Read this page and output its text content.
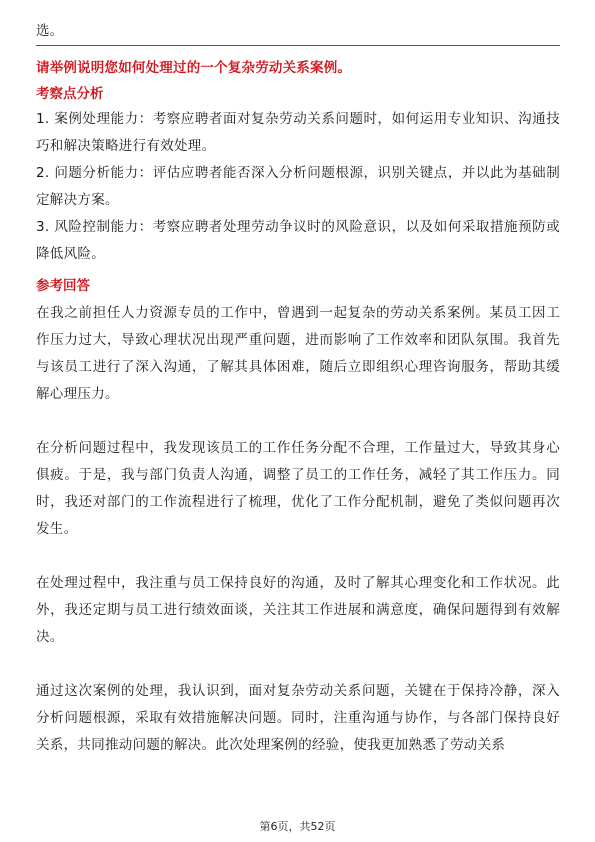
选。
请举例说明您如何处理过的一个复杂劳动关系案例。
考察点分析

1. 案例处理能力：考察应聘者面对复杂劳动关系问题时，如何运用专业知识、沟通技巧和解决策略进行有效处理。

2. 问题分析能力：评估应聘者能否深入分析问题根源，识别关键点，并以此为基础制定解决方案。

3. 风险控制能力：考察应聘者处理劳动争议时的风险意识，以及如何采取措施预防或降低风险。

参考回答

在我之前担任人力资源专员的工作中，曾遇到一起复杂的劳动关系案例。某员工因工作压力过大，导致心理状况出现严重问题，进而影响了工作效率和团队氛围。我首先与该员工进行了深入沟通，了解其具体困难，随后立即组织心理咨询服务，帮助其缓解心理压力。

在分析问题过程中，我发现该员工的工作任务分配不合理，工作量过大，导致其身心俱疲。于是，我与部门负责人沟通，调整了员工的工作任务，减轻了其工作压力。同时，我还对部门的工作流程进行了梳理，优化了工作分配机制，避免了类似问题再次发生。

在处理过程中，我注重与员工保持良好的沟通，及时了解其心理变化和工作状况。此外，我还定期与员工进行绩效面谈，关注其工作进展和满意度，确保问题得到有效解决。

通过这次案例的处理，我认识到，面对复杂劳动关系问题，关键在于保持冷静，深入分析问题根源，采取有效措施解决问题。同时，注重沟通与协作，与各部门保持良好关系，共同推动问题的解决。此次处理案例的经验，使我更加熟悉了劳动关系

第6页，共52页
